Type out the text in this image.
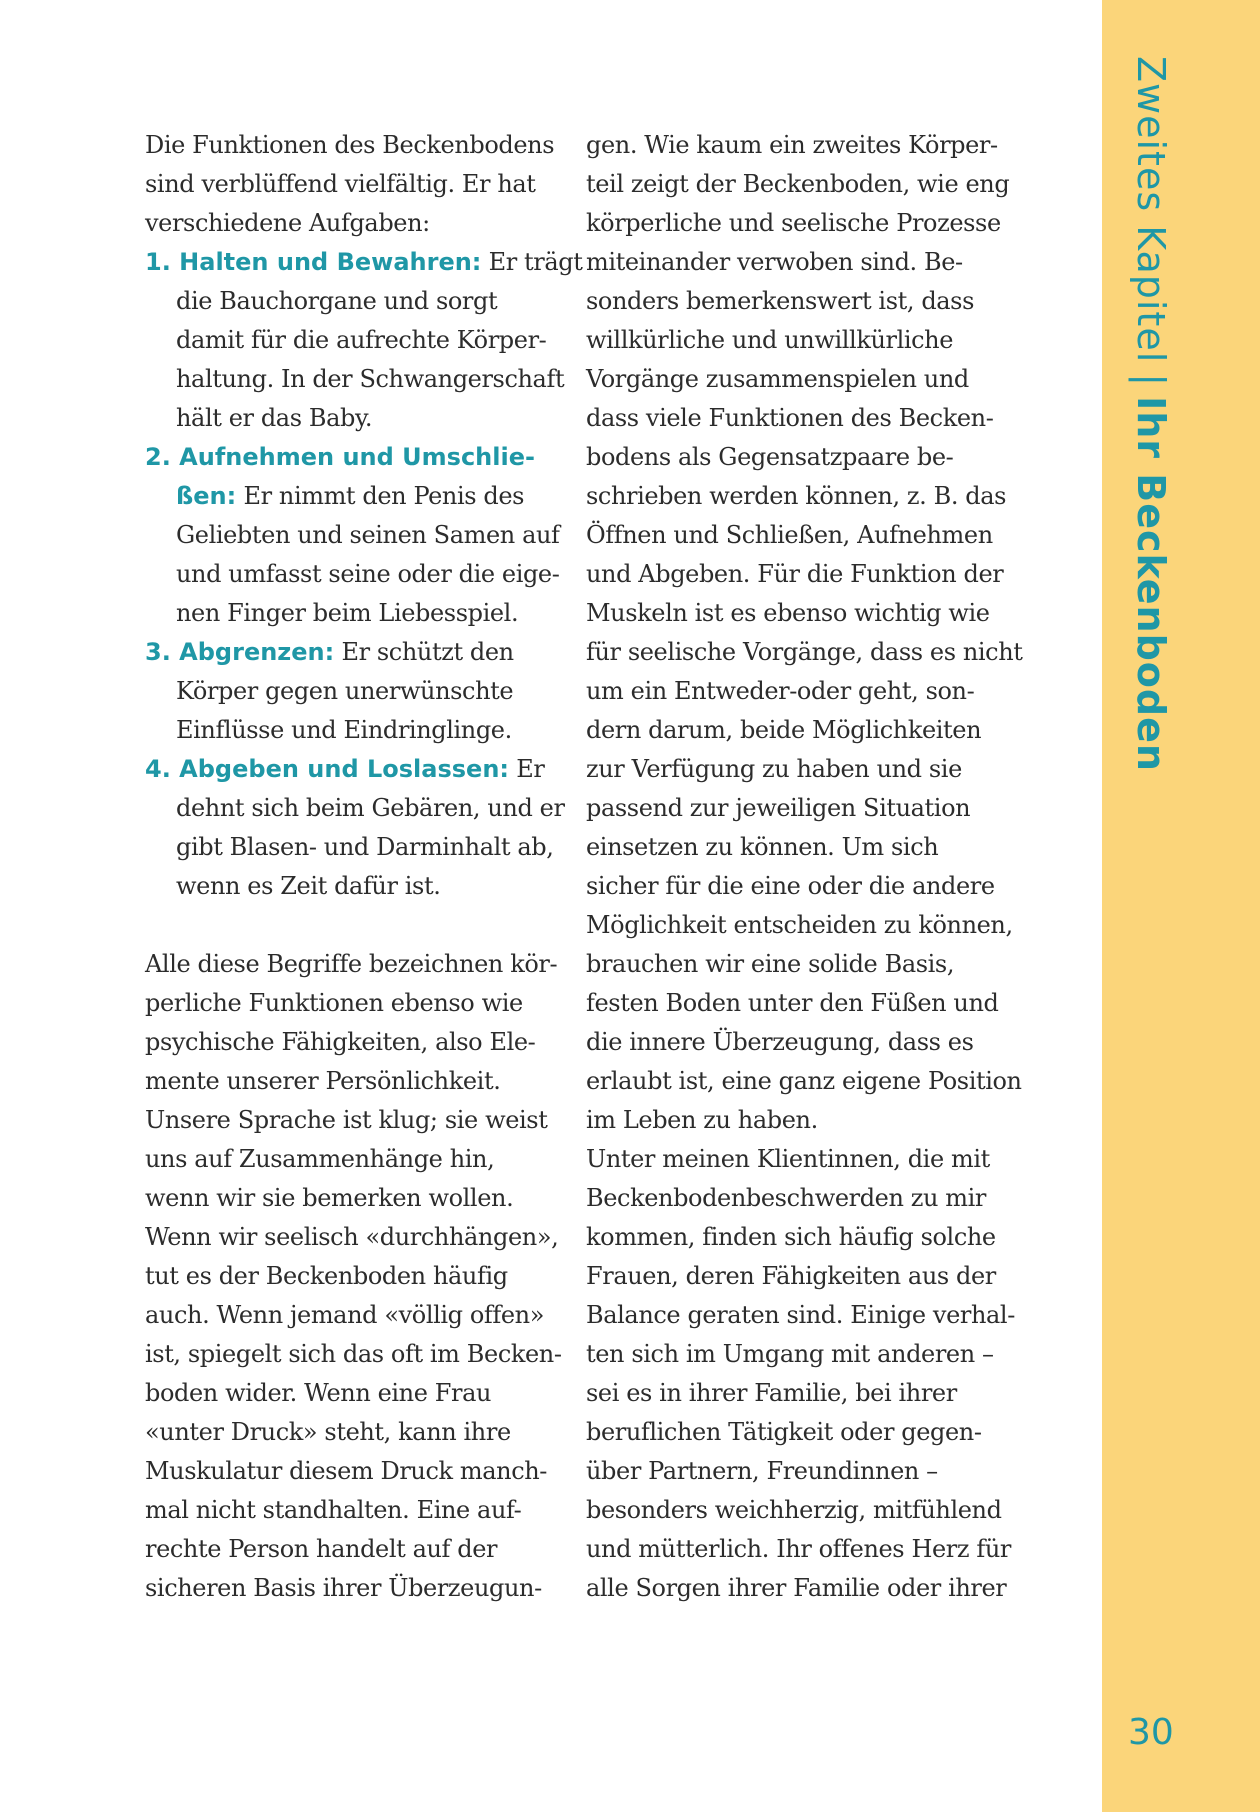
Die Funktionen des Beckenbodens
sind verblüffend vielfältig. Er hat
verschiedene Aufgaben:
1. Halten und Bewahren: Er trägt
die Bauchorgane und sorgt
damit für die aufrechte Körper-
haltung. In der Schwangerschaft
hält er das Baby.
2. Aufnehmen und Umschlie-
ßen: Er nimmt den Penis des
Geliebten und seinen Samen auf
und umfasst seine oder die eige-
nen Finger beim Liebesspiel.
3. Abgrenzen: Er schützt den
Körper gegen unerwünschte
Einflüsse und Eindringlinge.
4. Abgeben und Loslassen: Er
dehnt sich beim Gebären, und er
gibt Blasen- und Darminhalt ab,
wenn es Zeit dafür ist.
Alle diese Begriffe bezeichnen kör-
perliche Funktionen ebenso wie
psychische Fähigkeiten, also Ele-
mente unserer Persönlichkeit.
Unsere Sprache ist klug; sie weist
uns auf Zusammenhänge hin,
wenn wir sie bemerken wollen.
Wenn wir seelisch «durchhängen»,
tut es der Beckenboden häufig
auch. Wenn jemand «völlig offen»
ist, spiegelt sich das oft im Becken-
boden wider. Wenn eine Frau
«unter Druck» steht, kann ihre
Muskulatur diesem Druck manch-
mal nicht standhalten. Eine auf-
rechte Person handelt auf der
sicheren Basis ihrer Überzeugun-
gen. Wie kaum ein zweites Körper-
teil zeigt der Beckenboden, wie eng
körperliche und seelische Prozesse
miteinander verwoben sind. Be-
sonders bemerkenswert ist, dass
willkürliche und unwillkürliche
Vorgänge zusammenspielen und
dass viele Funktionen des Becken-
bodens als Gegensatzpaare be-
schrieben werden können, z. B. das
Öffnen und Schließen, Aufnehmen
und Abgeben. Für die Funktion der
Muskeln ist es ebenso wichtig wie
für seelische Vorgänge, dass es nicht
um ein Entweder-oder geht, son-
dern darum, beide Möglichkeiten
zur Verfügung zu haben und sie
passend zur jeweiligen Situation
einsetzen zu können. Um sich
sicher für die eine oder die andere
Möglichkeit entscheiden zu können,
brauchen wir eine solide Basis,
festen Boden unter den Füßen und
die innere Überzeugung, dass es
erlaubt ist, eine ganz eigene Position
im Leben zu haben.
Unter meinen Klientinnen, die mit
Beckenbodenbeschwerden zu mir
kommen, finden sich häufig solche
Frauen, deren Fähigkeiten aus der
Balance geraten sind. Einige verhal-
ten sich im Umgang mit anderen –
sei es in ihrer Familie, bei ihrer
beruflichen Tätigkeit oder gegen-
über Partnern, Freundinnen –
besonders weichherzig, mitfühlend
und mütterlich. Ihr offenes Herz für
alle Sorgen ihrer Familie oder ihrer
Zweites Kapitel|Ihr Beckenboden
30
